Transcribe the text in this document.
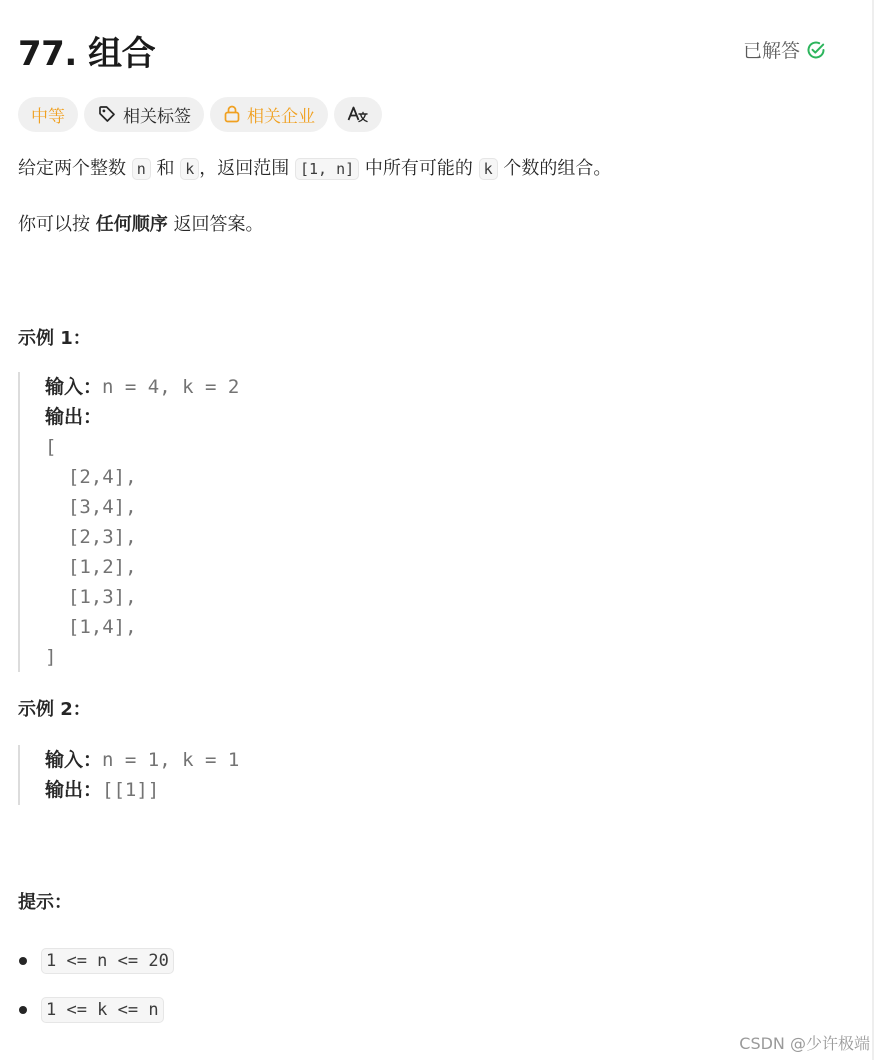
77. 组合	已解答
中等	相关标签	相关企业

给定两个整数 n 和 k ，返回范围 [1, n] 中所有可能的 k 个数的组合。

你可以按 任何顺序 返回答案。

示例 1：
输入：n = 4, k = 2
输出：
[
[2,4],
[3,4],
[2,3],
[1,2],
[1,3],
[1,4],
]
示例 2：
输入：n = 1, k = 1
输出：[[1]]
提示：
1 <= n <= 20
1 <= k <= n
CSDN @少许极端
